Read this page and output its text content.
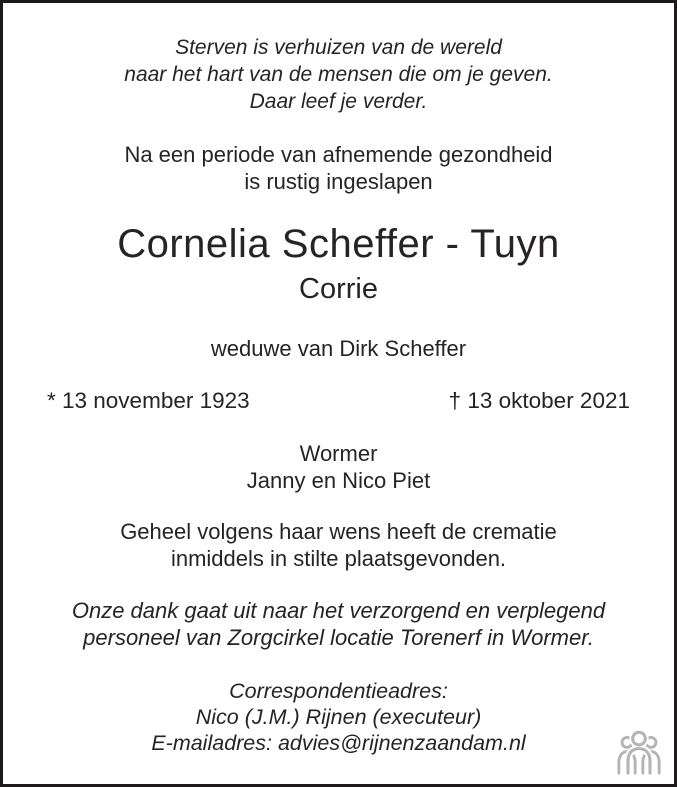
Sterven is verhuizen van de wereld
naar het hart van de mensen die om je geven.
Daar leef je verder.
Na een periode van afnemende gezondheid
is rustig ingeslapen
Cornelia Scheffer - Tuyn
Corrie
weduwe van Dirk Scheffer
* 13 november 1923	† 13 oktober 2021
Wormer
Janny en Nico Piet
Geheel volgens haar wens heeft de crematie
inmiddels in stilte plaatsgevonden.
Onze dank gaat uit naar het verzorgend en verplegend
personeel van Zorgcirkel locatie Torenerf in Wormer.
Correspondentieadres:
Nico (J.M.) Rijnen (executeur)
E-mailadres: advies@rijnenzaandam.nl
